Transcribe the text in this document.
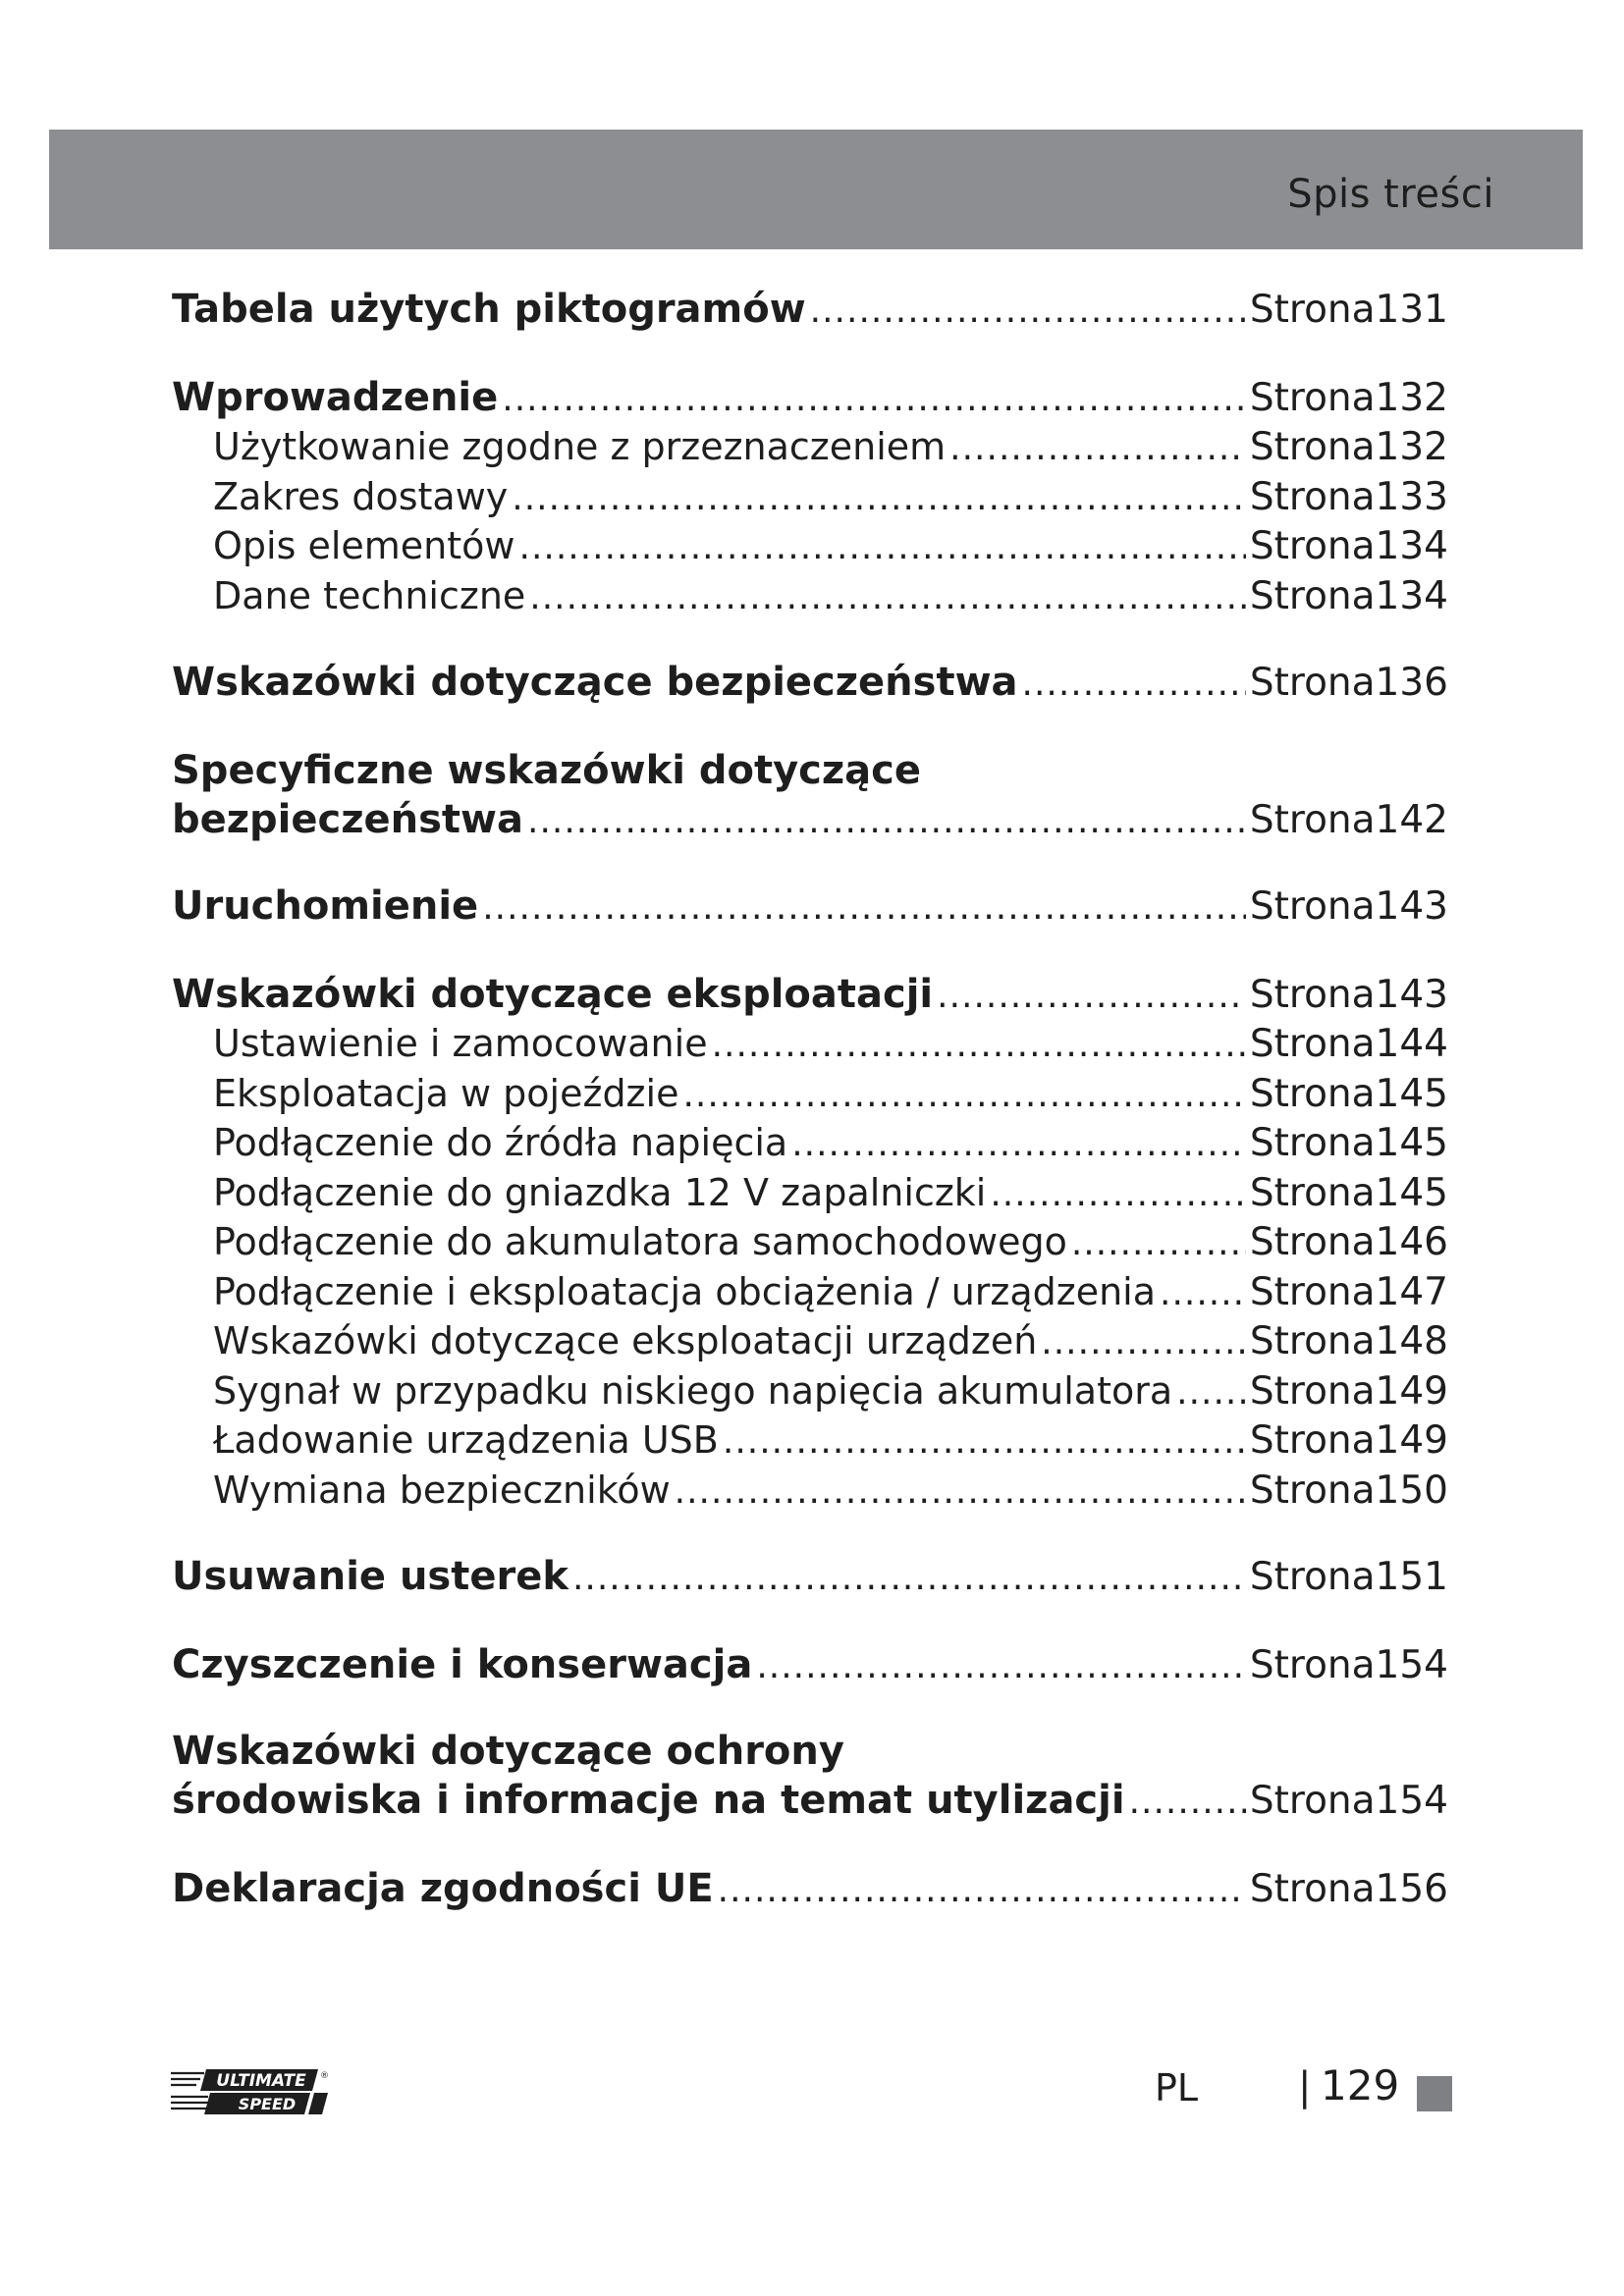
Spis treści
Tabela użytych piktogramów .....	Strona131
Wprowadzenie .....	Strona132
Użytkowanie zgodne z przeznaczeniem .....	Strona132
Zakres dostawy .....	Strona133
Opis elementów .....	Strona134
Dane techniczne .....	Strona134
Wskazówki dotyczące bezpieczeństwa .....	Strona136
Specyficzne wskazówki dotyczące
bezpieczeństwa .....	Strona142
Uruchomienie .....	Strona143
Wskazówki dotyczące eksploatacji .....	Strona143
Ustawienie i zamocowanie .....	Strona144
Eksploatacja w pojeździe .....	Strona145
Podłączenie do źródła napięcia .....	Strona145
Podłączenie do gniazdka 12 V zapalniczki .....	Strona145
Podłączenie do akumulatora samochodowego .....	Strona146
Podłączenie i eksploatacja obciążenia / urządzenia ..... Strona147
Wskazówki dotyczące eksploatacji urządzeń .....	Strona148
Sygnał w przypadku niskiego napięcia akumulatora ..... Strona149
Ładowanie urządzenia USB .....	Strona149
Wymiana bezpieczników .....	Strona150
Usuwanie usterek .....	Strona151
Czyszczenie i konserwacja .....	Strona154
Wskazówki dotyczące ochrony
środowiska i informacje na temat utylizacji .....	Strona154
Deklaracja zgodności UE .....	Strona156
ULTIMATE
SPEED
®	PL	| 129
